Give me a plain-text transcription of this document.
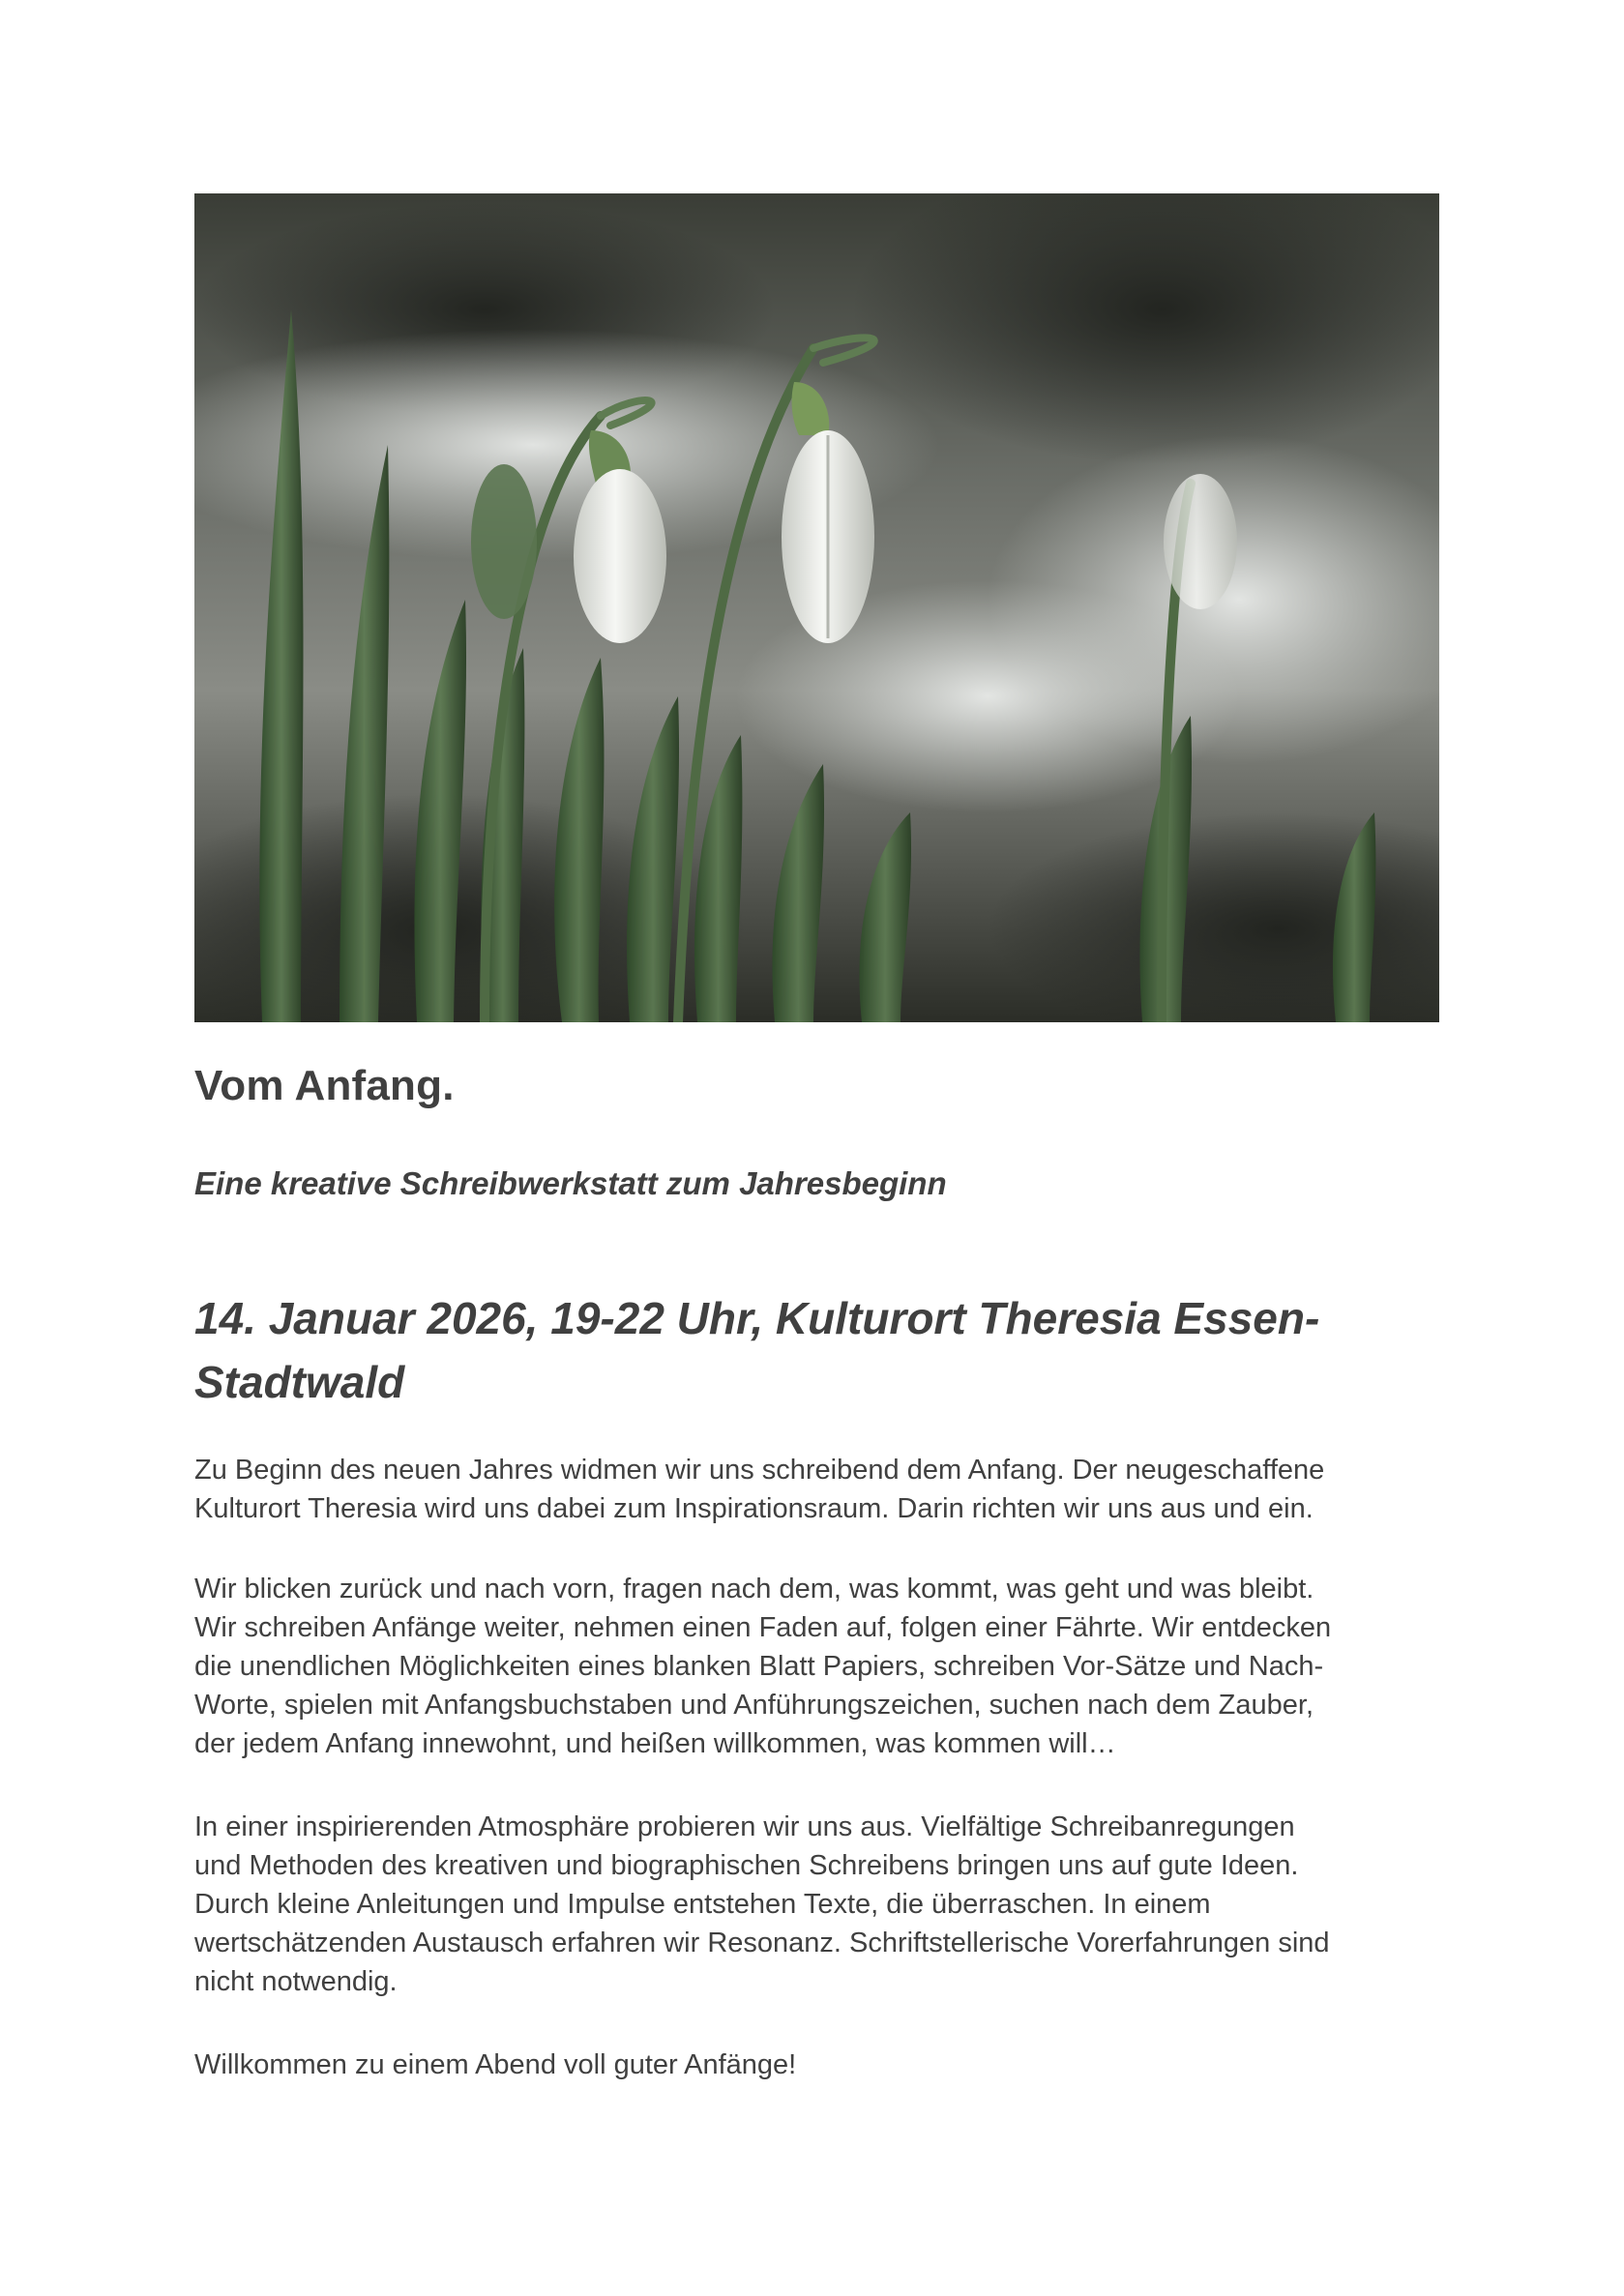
Vom Anfang.
Eine kreative Schreibwerkstatt zum Jahresbeginn
14. Januar 2026, 19-22 Uhr, Kulturort Theresia Essen-
Stadtwald

Zu Beginn des neuen Jahres widmen wir uns schreibend dem Anfang. Der neugeschaffene
Kulturort Theresia wird uns dabei zum Inspirationsraum. Darin richten wir uns aus und ein.

Wir blicken zurück und nach vorn, fragen nach dem, was kommt, was geht und was bleibt.
Wir schreiben Anfänge weiter, nehmen einen Faden auf, folgen einer Fährte. Wir entdecken
die unendlichen Möglichkeiten eines blanken Blatt Papiers, schreiben Vor-Sätze und Nach-
Worte, spielen mit Anfangsbuchstaben und Anführungszeichen, suchen nach dem Zauber,
der jedem Anfang innewohnt, und heißen willkommen, was kommen will…

In einer inspirierenden Atmosphäre probieren wir uns aus. Vielfältige Schreibanregungen
und Methoden des kreativen und biographischen Schreibens bringen uns auf gute Ideen.
Durch kleine Anleitungen und Impulse entstehen Texte, die überraschen. In einem
wertschätzenden Austausch erfahren wir Resonanz. Schriftstellerische Vorerfahrungen sind
nicht notwendig.

Willkommen zu einem Abend voll guter Anfänge!
